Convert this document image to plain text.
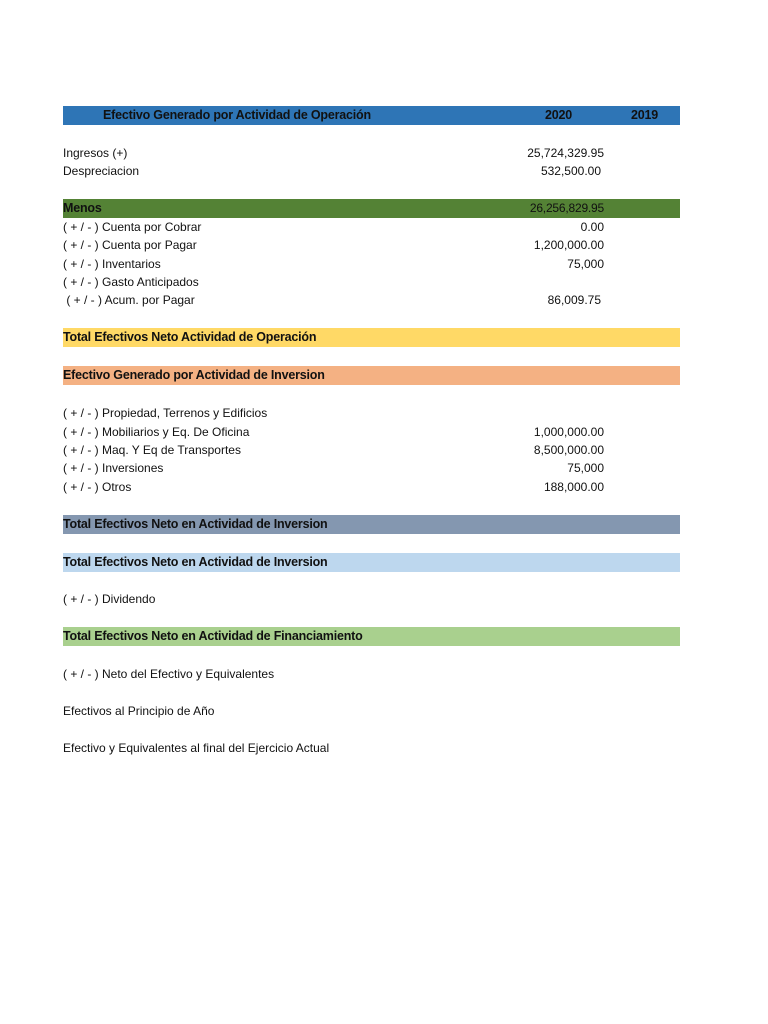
Efectivo Generado por Actividad de Operación	2020	2019
Ingresos (+)	25,724,329.95
Despreciacion	532,500.00
Menos	26,256,829.95
( + / - ) Cuenta por Cobrar	0.00
( + / - ) Cuenta por Pagar	1,200,000.00
( + / - ) Inventarios	75,000
( + / - ) Gasto Anticipados
( + / - ) Acum. por Pagar	86,009.75
Total Efectivos Neto Actividad de Operación
Efectivo Generado por Actividad de Inversion
( + / - ) Propiedad, Terrenos y Edificios
( + / - ) Mobiliarios y Eq. De Oficina	1,000,000.00
( + / - ) Maq. Y Eq de Transportes	8,500,000.00
( + / - ) Inversiones	75,000
( + / - ) Otros	188,000.00
Total Efectivos Neto en Actividad de Inversion
Total Efectivos Neto en Actividad de Inversion
( + / - ) Dividendo
Total Efectivos Neto en Actividad de Financiamiento
( + / - ) Neto del Efectivo y Equivalentes
Efectivos al Principio de Año
Efectivo y Equivalentes al final del Ejercicio Actual
